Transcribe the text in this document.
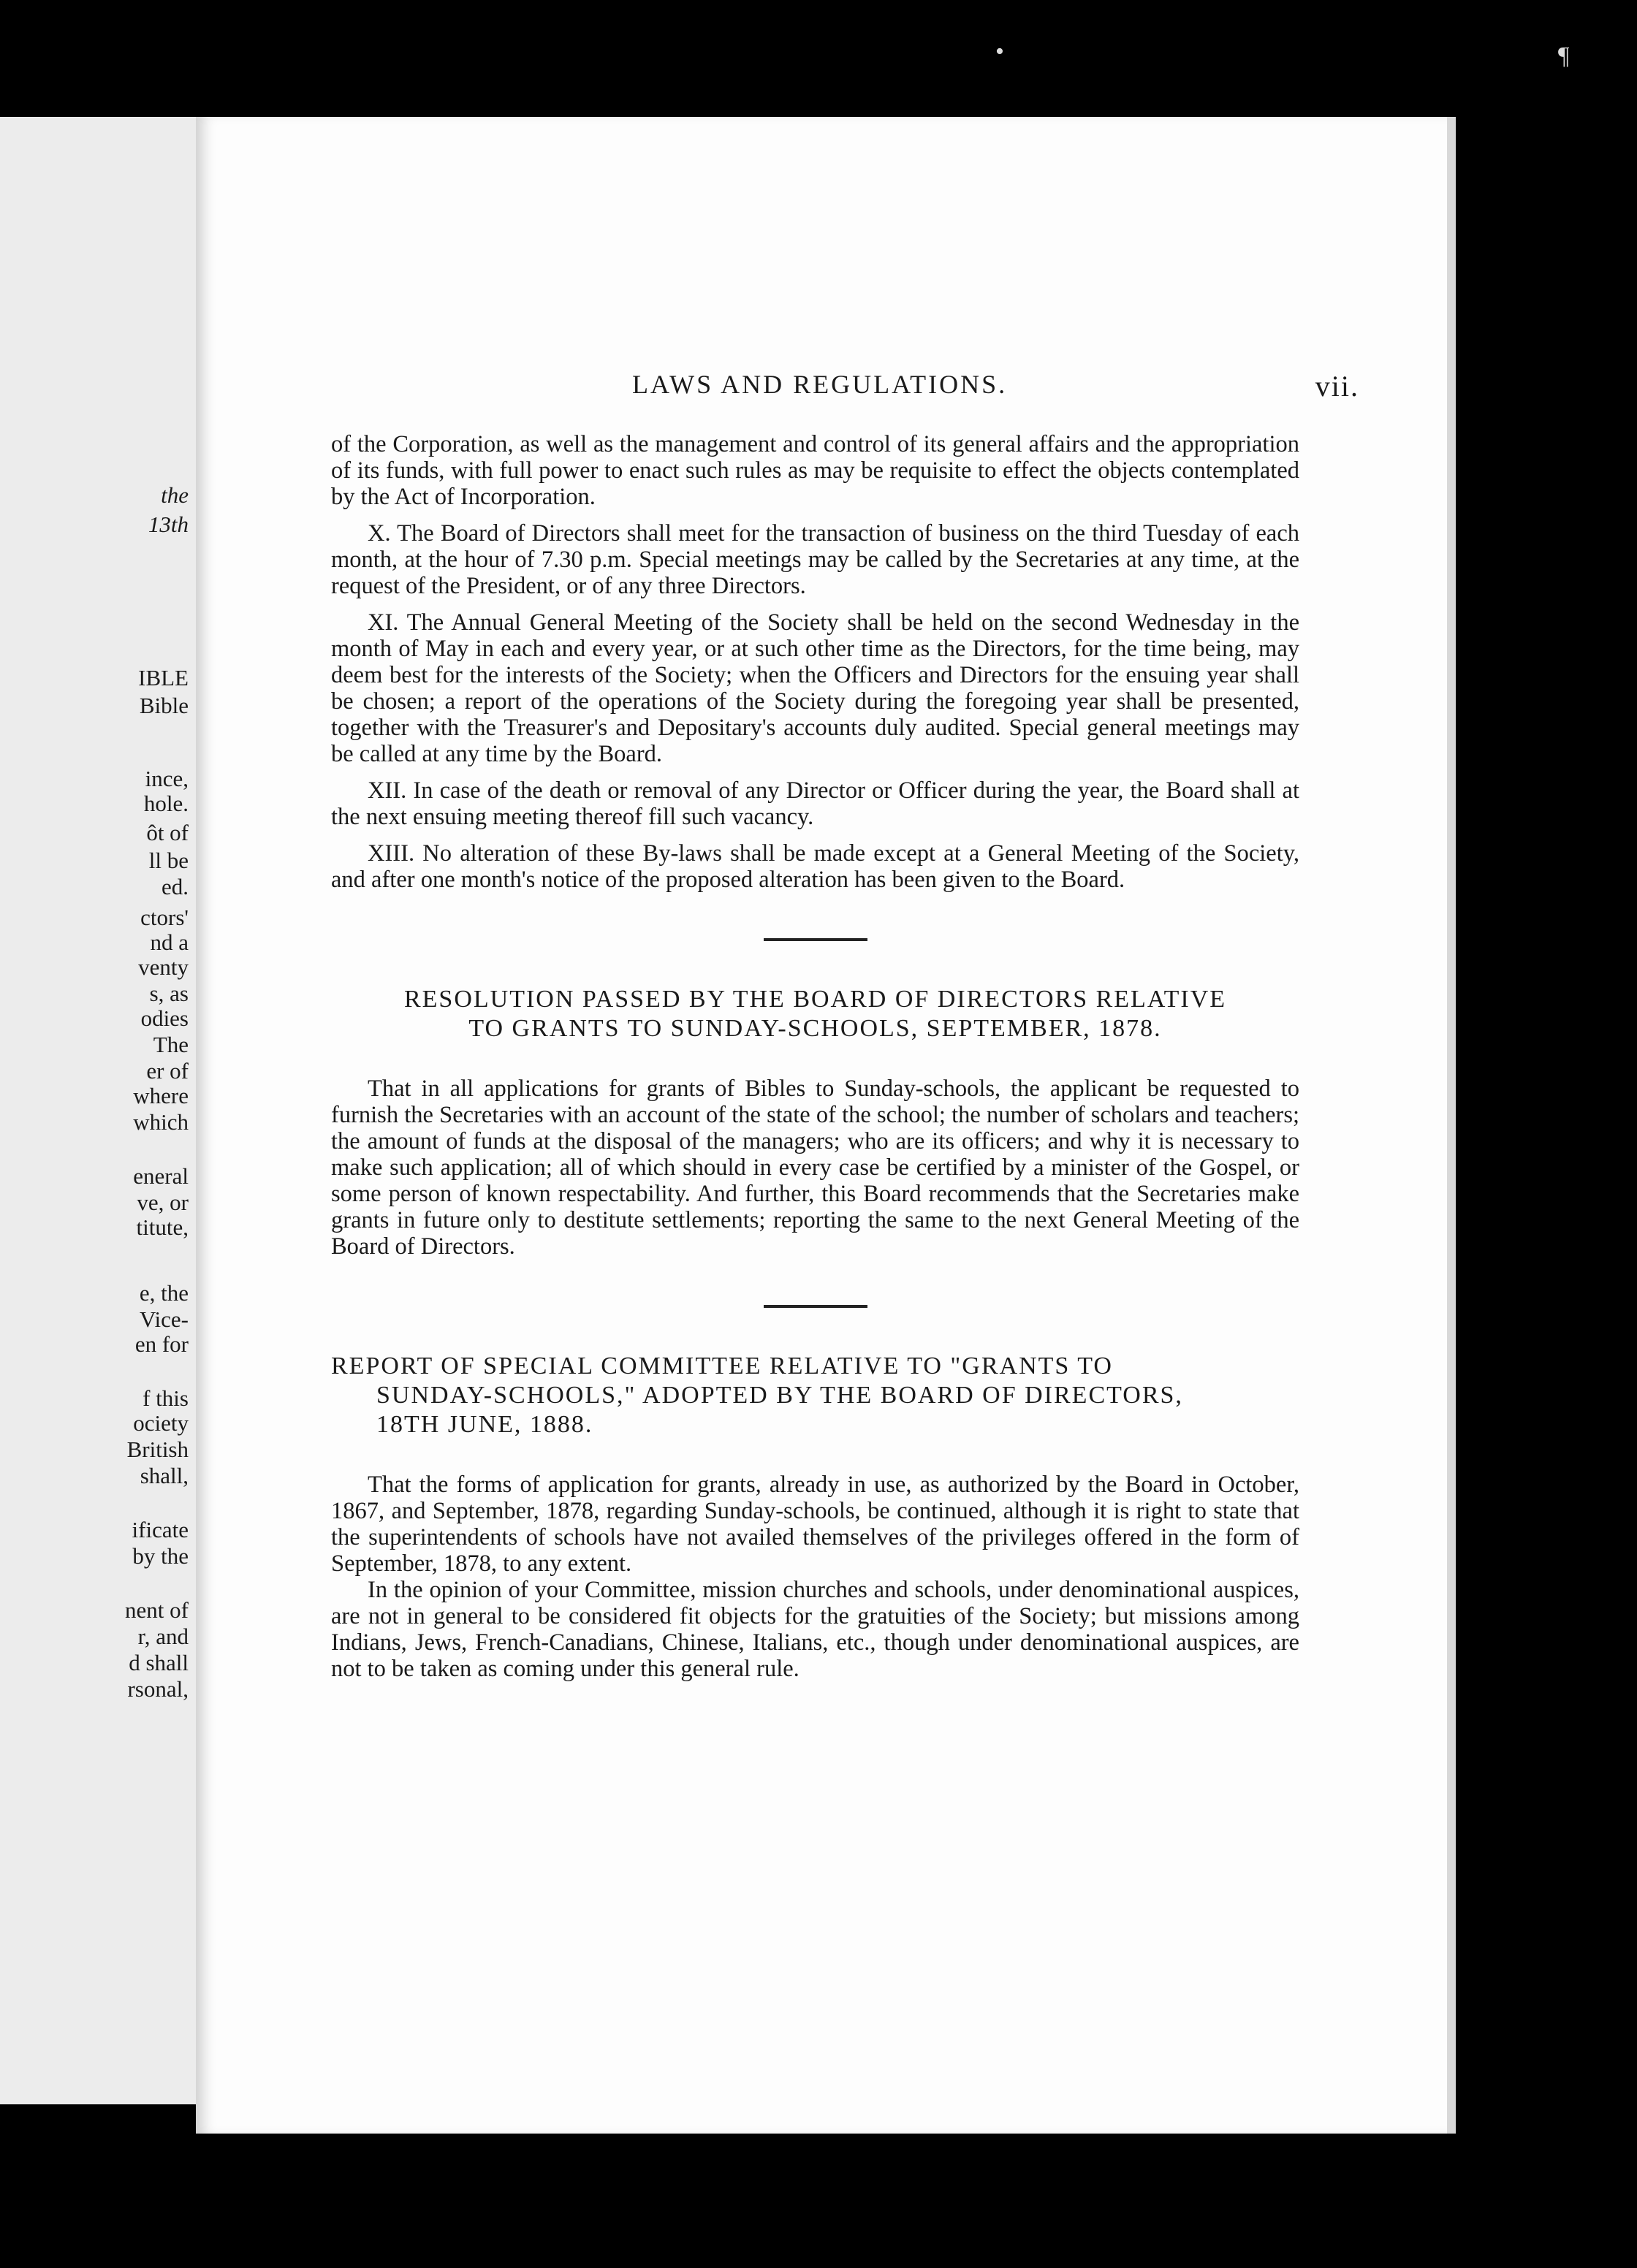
•	¶
the
13th
IBLE
Bible
ince,
hole.
ôt of
ll be
ed.
ctors'
nd a
venty
s, as
odies
The
er of
where
which
eneral
ve, or
titute,
e, the
Vice-
en for
f this
ociety
British
shall,
ificate
by the
nent of
r, and
d shall
rsonal,
LAWS AND REGULATIONS.	vii.

of the Corporation, as well as the management and control of its general affairs and the appropriation of its funds, with full power to enact such rules as may be requisite to effect the objects contemplated by the Act of Incorporation.

X. The Board of Directors shall meet for the transaction of business on the third Tuesday of each month, at the hour of 7.30 p.m. Special meetings may be called by the Secretaries at any time, at the request of the President, or of any three Directors.

XI. The Annual General Meeting of the Society shall be held on the second Wednesday in the month of May in each and every year, or at such other time as the Directors, for the time being, may deem best for the interests of the Society; when the Officers and Directors for the ensuing year shall be chosen; a report of the operations of the Society during the foregoing year shall be presented, together with the Treasurer's and Depositary's accounts duly audited. Special general meetings may be called at any time by the Board.

XII. In case of the death or removal of any Director or Officer during the year, the Board shall at the next ensuing meeting thereof fill such vacancy.

XIII. No alteration of these By-laws shall be made except at a General Meeting of the Society, and after one month's notice of the proposed alteration has been given to the Board.

RESOLUTION PASSED BY THE BOARD OF DIRECTORS RELATIVE
TO GRANTS TO SUNDAY-SCHOOLS, SEPTEMBER, 1878.

That in all applications for grants of Bibles to Sunday-schools, the applicant be requested to furnish the Secretaries with an account of the state of the school; the number of scholars and teachers; the amount of funds at the disposal of the managers; who are its officers; and why it is necessary to make such application; all of which should in every case be certified by a minister of the Gospel, or some person of known respectability. And further, this Board recommends that the Secretaries make grants in future only to destitute settlements; reporting the same to the next General Meeting of the Board of Directors.

REPORT OF SPECIAL COMMITTEE RELATIVE TO "GRANTS TO
SUNDAY-SCHOOLS," ADOPTED BY THE BOARD OF DIRECTORS,
18TH JUNE, 1888.

That the forms of application for grants, already in use, as authorized by the Board in October, 1867, and September, 1878, regarding Sunday-schools, be continued, although it is right to state that the superintendents of schools have not availed themselves of the privileges offered in the form of September, 1878, to any extent.

In the opinion of your Committee, mission churches and schools, under denominational auspices, are not in general to be considered fit objects for the gratuities of the Society; but missions among Indians, Jews, French-Canadians, Chinese, Italians, etc., though under denominational auspices, are not to be taken as coming under this general rule.
